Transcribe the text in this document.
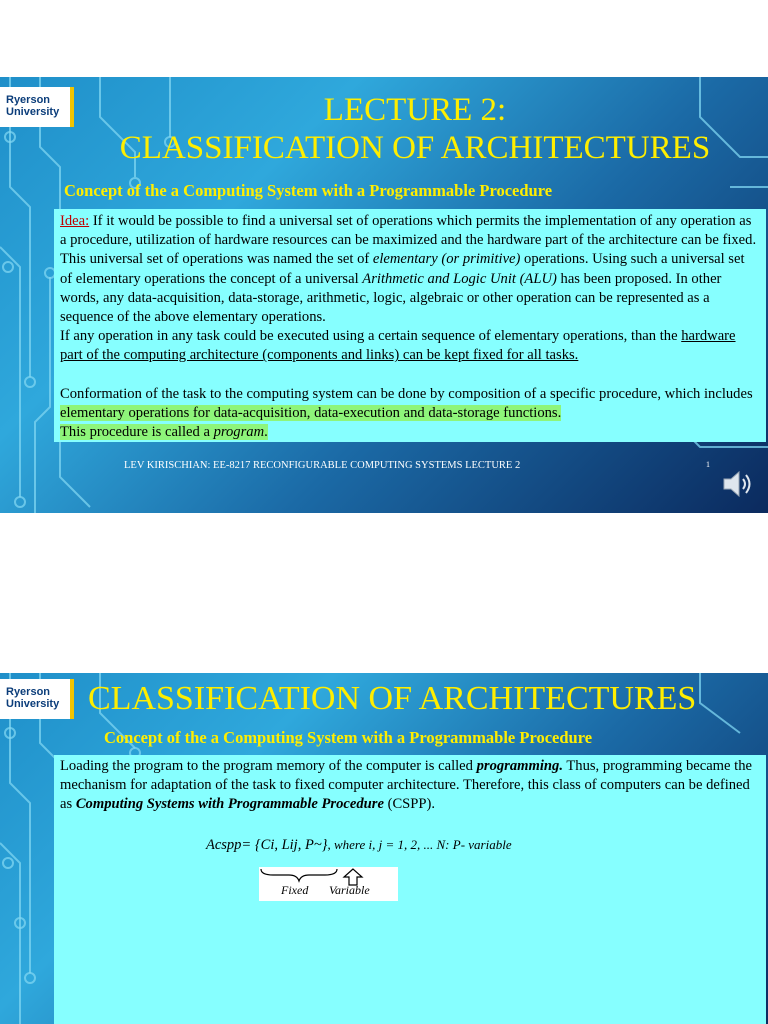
Ryerson
University	LECTURE 2:
CLASSIFICATION OF ARCHITECTURES
Concept of the a Computing System with a Programmable Procedure

Idea: If it would be possible to find a universal set of operations which permits the implementation of any operation as a procedure, utilization of hardware resources can be maximized and the hardware part of the architecture can be fixed. This universal set of operations was named the set of elementary (or primitive) operations. Using such a universal set of elementary operations the concept of a universal Arithmetic and Logic Unit (ALU) has been proposed. In other words, any data-acquisition, data-storage, arithmetic, logic, algebraic or other operation can be represented as a sequence of the above elementary operations.

If any operation in any task could be executed using a certain sequence of elementary operations, than the hardware part of the computing architecture (components and links) can be kept fixed for all tasks.

Conformation of the task to the computing system can be done by composition of a specific procedure, which includes elementary operations for data-acquisition, data-execution and data-storage functions.
This procedure is called a program.

LEV KIRISCHIAN: EE-8217 RECONFIGURABLE COMPUTING SYSTEMS LECTURE 2	1
Ryerson
University CLASSIFICATION OF ARCHITECTURES
Concept of the a Computing System with a Programmable Procedure

Loading the program to the program memory of the computer is called programming. Thus, programming became the mechanism for adaptation of the task to fixed computer architecture. Therefore, this class of computers can be defined as Computing Systems with Programmable Procedure (CSPP).

Acspp= {Ci, Lij, P~}, where i, j = 1, 2, ... N: P- variable
Fixed Variable
